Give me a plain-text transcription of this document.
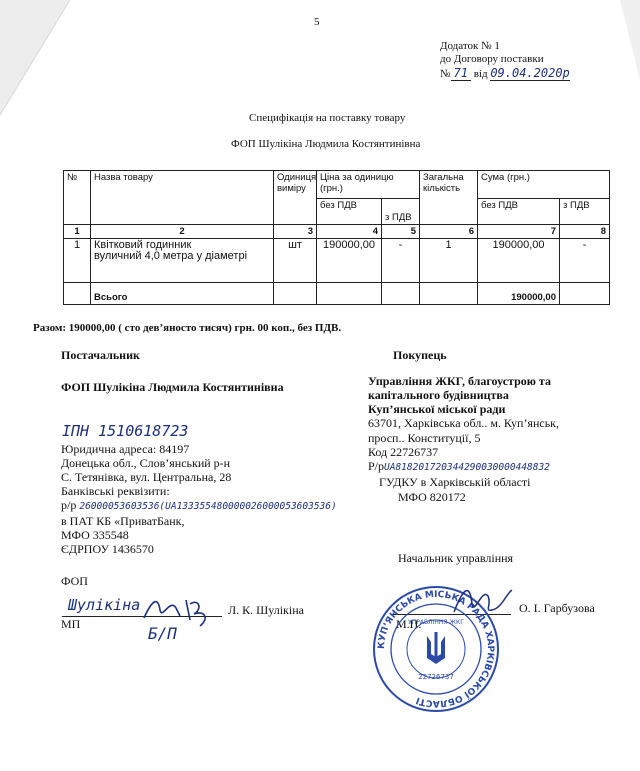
5
Додаток № 1
до Договору поставки
№ 71 від 09.04.2020р
Специфікація на поставку товару
ФОП Шулікіна Людмила Костянтинівна
№	Назва товару	Одиниця виміру	Ціна за одиницю (грн.)		Загальна кількість	Сума (грн.)	
			без ПДВ	з ПДВ		без ПДВ	з ПДВ
1	2	3	4	5	6	7	8
1	Квітковий годинник
вуличний 4,0 метра у діаметрі	шт	190000,00	-	1	190000,00	-
	Всього					190000,00	
Разом: 190000,00 ( сто дев’яносто тисяч) грн. 00 коп., без ПДВ.
Постачальник
ФОП Шулікіна Людмила Костянтинівна
ІПН 1510618723
Юридична адреса: 84197
Донецька обл., Слов’янський р-н
С. Тетянівка, вул. Центральна, 28
Банківські реквізити:
р/р 26000053603536(UA133355480000026000053603536)
в ПАТ КБ «ПриватБанк,
МФО 335548
ЄДРПОУ 1436570
ФОП
Шулікіна	Л. К. Шулікіна
МП	Б/П
Покупець
Управління ЖКГ, благоустрою та
капітального будівництва
Куп’янської міської ради
63701, Харківська обл.. м. Куп’янськ,
просп.. Конституції, 5
Код 22726737
Р/рUA818201720344290030000448832
ГУДКУ в Харківській області
МФО 820172
Начальник управління
О. І. Гарбузова
М.П.
КУП’ЯНСЬКА МІСЬКА РАДА ХАРКІВСЬКОЇ ОБЛАСТІ
УПРАВЛІННЯ ЖКГ
22726737
